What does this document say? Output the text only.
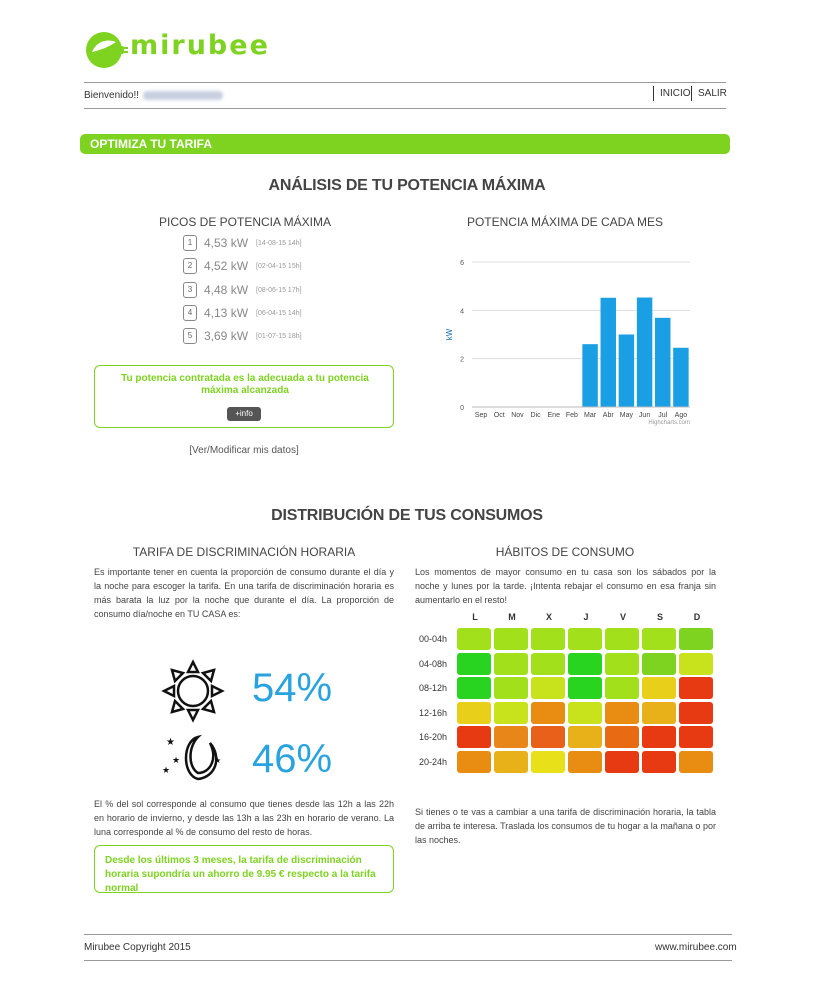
mirubee
Bienvenido!!	INICIO SALIR
OPTIMIZA TU TARIFA
ANÁLISIS DE TU POTENCIA MÁXIMA
PICOS DE POTENCIA MÁXIMA
1 4,53 kW [14-08-15 14h]
2 4,52 kW [02-04-15 15h]
3 4,48 kW [08-06-15 17h]
4 4,13 kW [06-04-15 14h]
5 3,69 kW [01-07-15 18h]
Tu potencia contratada es la adecuada a tu potencia máxima alcanzada
+info
[Ver/Modificar mis datos]
POTENCIA MÁXIMA DE CADA MES
0
2
4
6
kW
Sep Oct Nov Dic Ene Feb Mar Abr May Jun Jul Ago
Highcharts.com
DISTRIBUCIÓN DE TUS CONSUMOS
TARIFA DE DISCRIMINACIÓN HORARIA
Es importante tener en cuenta la proporción de consumo durante el día y la noche para escoger la tarifa. En una tarifa de discriminación horaria es más barata la luz por la noche que durante el día. La proporción de consumo día/noche en TU CASA es:
54%
★
★
★	★ 46%
El % del sol corresponde al consumo que tienes desde las 12h a las 22h en horario de invierno, y desde las 13h a las 23h en horario de verano. La luna corresponde al % de consumo del resto de horas.
Desde los últimos 3 meses, la tarifa de discriminación horaria supondría un ahorro de 9.95 € respecto a la tarifa normal
HÁBITOS DE CONSUMO
Los momentos de mayor consumo en tu casa son los sábados por la noche y lunes por la tarde. ¡Intenta rebajar el consumo en esa franja sin aumentarlo en el resto!
L	M	X	J	V	S	D
00-04h
04-08h
08-12h
12-16h
16-20h
20-24h
Si tienes o te vas a cambiar a una tarifa de discriminación horaria, la tabla de arriba te interesa. Traslada los consumos de tu hogar a la mañana o por las noches.
Mirubee Copyright 2015	www.mirubee.com
